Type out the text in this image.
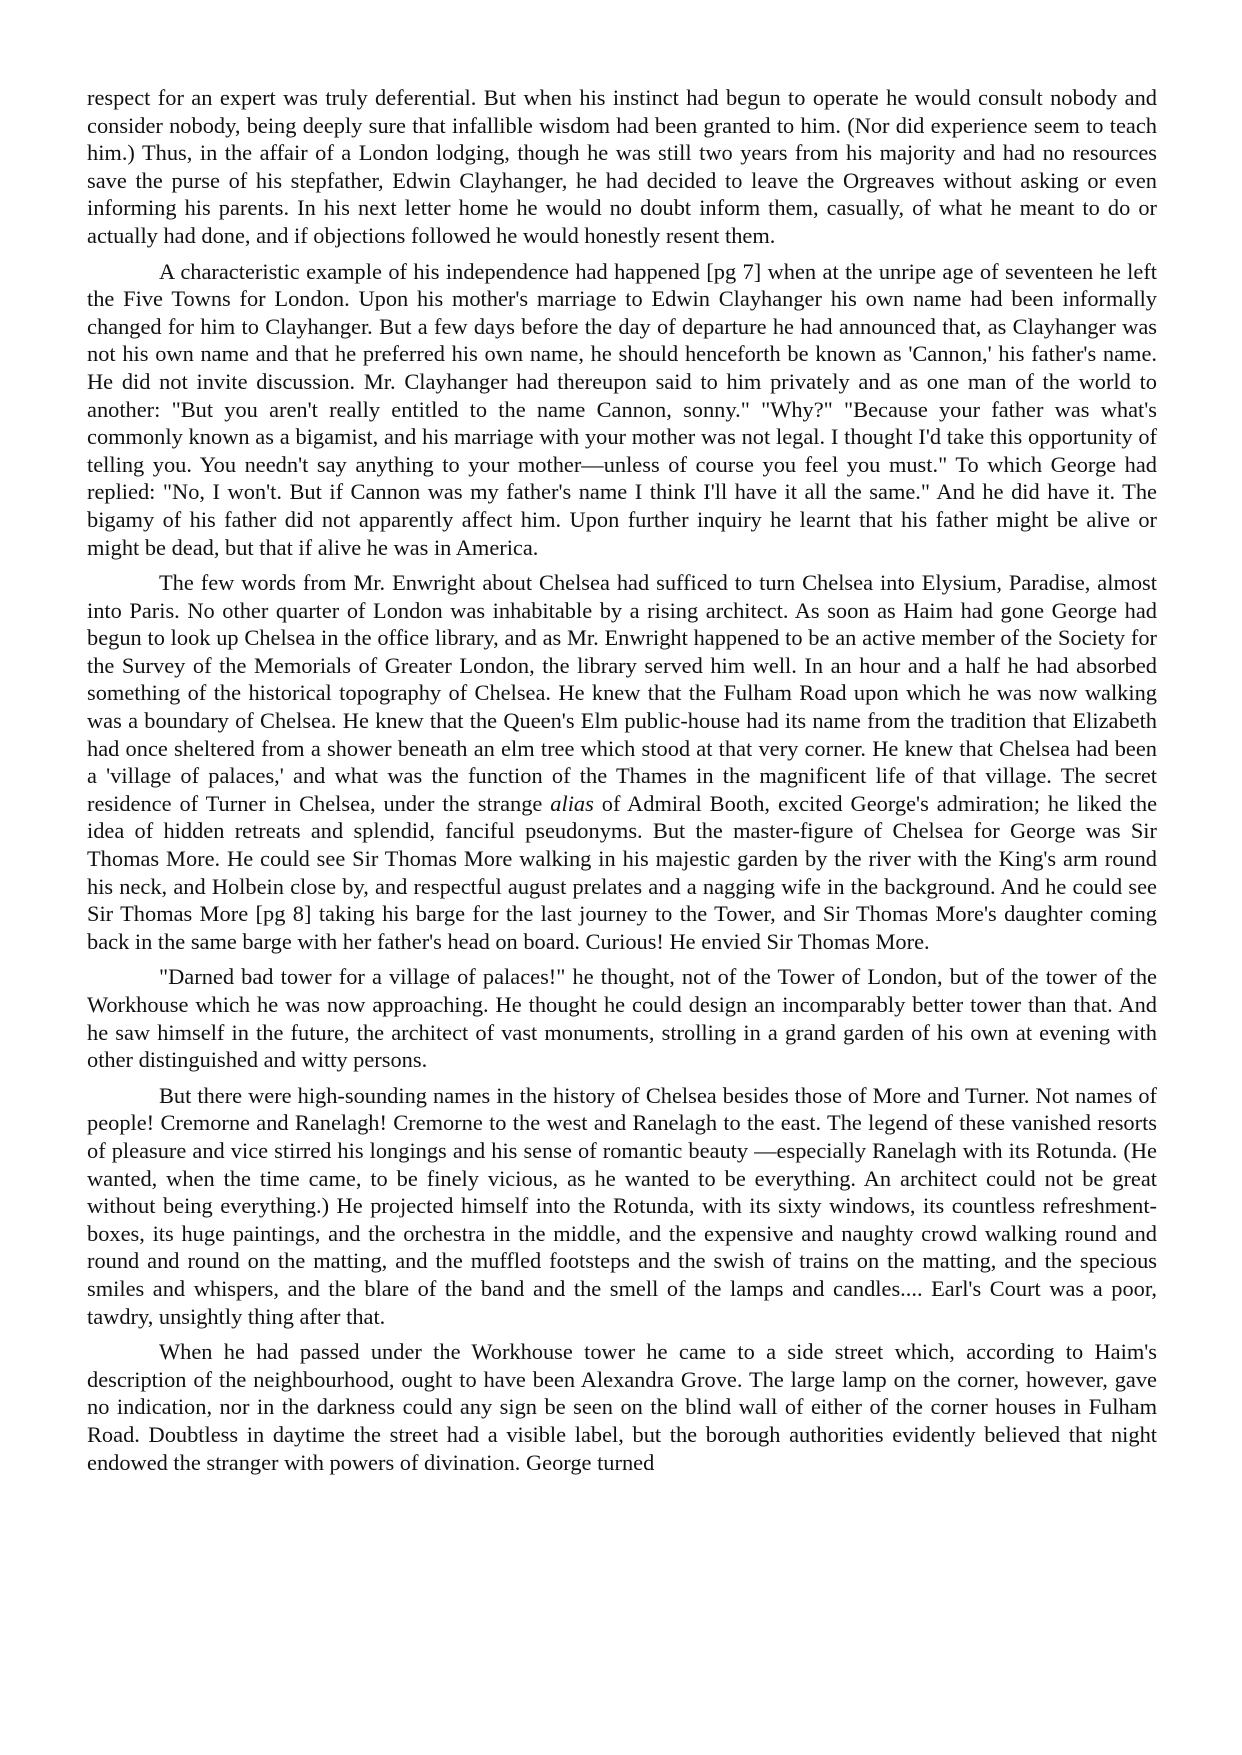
respect for an expert was truly deferential. But when his instinct had begun to operate he would consult nobody and consider nobody, being deeply sure that infallible wisdom had been granted to him. (Nor did experience seem to teach him.) Thus, in the affair of a London lodging, though he was still two years from his majority and had no resources save the purse of his stepfather, Edwin Clayhanger, he had decided to leave the Orgreaves without asking or even informing his parents. In his next letter home he would no doubt inform them, casually, of what he meant to do or actually had done, and if objections followed he would honestly resent them.

A characteristic example of his independence had happened [pg 7] when at the unripe age of seventeen he left the Five Towns for London. Upon his mother's marriage to Edwin Clayhanger his own name had been informally changed for him to Clayhanger. But a few days before the day of departure he had announced that, as Clayhanger was not his own name and that he preferred his own name, he should henceforth be known as 'Cannon,' his father's name. He did not invite discussion. Mr. Clayhanger had thereupon said to him privately and as one man of the world to another: "But you aren't really entitled to the name Cannon, sonny." "Why?" "Because your father was what's commonly known as a bigamist, and his marriage with your mother was not legal. I thought I'd take this opportunity of telling you. You needn't say anything to your mother—unless of course you feel you must." To which George had replied: "No, I won't. But if Cannon was my father's name I think I'll have it all the same." And he did have it. The bigamy of his father did not apparently affect him. Upon further inquiry he learnt that his father might be alive or might be dead, but that if alive he was in America.

The few words from Mr. Enwright about Chelsea had sufficed to turn Chelsea into Elysium, Paradise, almost into Paris. No other quarter of London was inhabitable by a rising architect. As soon as Haim had gone George had begun to look up Chelsea in the office library, and as Mr. Enwright happened to be an active member of the Society for the Survey of the Memorials of Greater London, the library served him well. In an hour and a half he had absorbed something of the historical topography of Chelsea. He knew that the Fulham Road upon which he was now walking was a boundary of Chelsea. He knew that the Queen's Elm public-house had its name from the tradition that Elizabeth had once sheltered from a shower beneath an elm tree which stood at that very corner. He knew that Chelsea had been a 'village of palaces,' and what was the function of the Thames in the magnificent life of that village. The secret residence of Turner in Chelsea, under the strange alias of Admiral Booth, excited George's admiration; he liked the idea of hidden retreats and splendid, fanciful pseudonyms. But the master-figure of Chelsea for George was Sir Thomas More. He could see Sir Thomas More walking in his majestic garden by the river with the King's arm round his neck, and Holbein close by, and respectful august prelates and a nagging wife in the background. And he could see Sir Thomas More [pg 8] taking his barge for the last journey to the Tower, and Sir Thomas More's daughter coming back in the same barge with her father's head on board. Curious! He envied Sir Thomas More.

"Darned bad tower for a village of palaces!" he thought, not of the Tower of London, but of the tower of the Workhouse which he was now approaching. He thought he could design an incomparably better tower than that. And he saw himself in the future, the architect of vast monuments, strolling in a grand garden of his own at evening with other distinguished and witty persons.

But there were high-sounding names in the history of Chelsea besides those of More and Turner. Not names of people! Cremorne and Ranelagh! Cremorne to the west and Ranelagh to the east. The legend of these vanished resorts of pleasure and vice stirred his longings and his sense of romantic beauty —especially Ranelagh with its Rotunda. (He wanted, when the time came, to be finely vicious, as he wanted to be everything. An architect could not be great without being everything.) He projected himself into the Rotunda, with its sixty windows, its countless refreshment-boxes, its huge paintings, and the orchestra in the middle, and the expensive and naughty crowd walking round and round and round on the matting, and the muffled footsteps and the swish of trains on the matting, and the specious smiles and whispers, and the blare of the band and the smell of the lamps and candles.... Earl's Court was a poor, tawdry, unsightly thing after that.

When he had passed under the Workhouse tower he came to a side street which, according to Haim's description of the neighbourhood, ought to have been Alexandra Grove. The large lamp on the corner, however, gave no indication, nor in the darkness could any sign be seen on the blind wall of either of the corner houses in Fulham Road. Doubtless in daytime the street had a visible label, but the borough authorities evidently believed that night endowed the stranger with powers of divination. George turned
